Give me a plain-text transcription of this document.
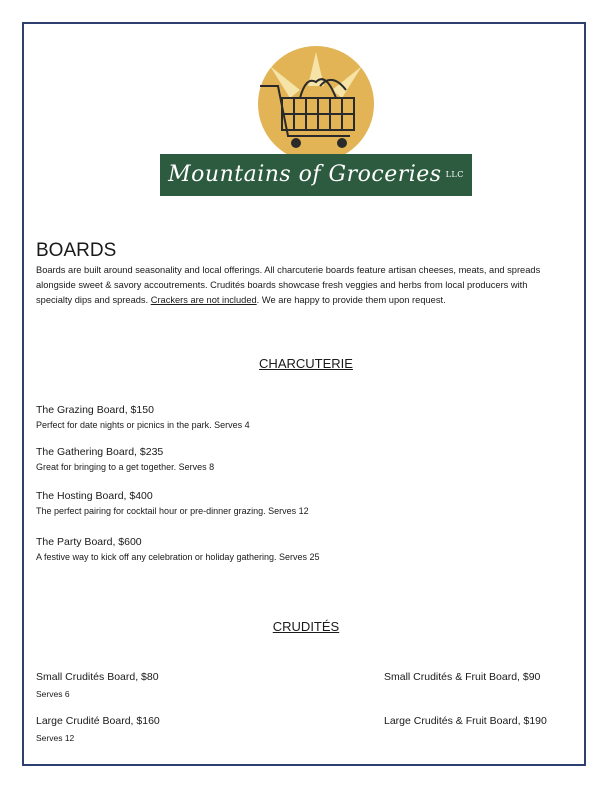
Mountains of Groceries LLC
BOARDS
Boards are built around seasonality and local offerings. All charcuterie boards feature artisan cheeses, meats, and spreads alongside sweet & savory accoutrements. Crudités boards showcase fresh veggies and herbs from local producers with specialty dips and spreads. Crackers are not included. We are happy to provide them upon request.
CHARCUTERIE
The Grazing Board, $150
Perfect for date nights or picnics in the park. Serves 4
The Gathering Board, $235
Great for bringing to a get together. Serves 8
The Hosting Board, $400
The perfect pairing for cocktail hour or pre-dinner grazing. Serves 12
The Party Board, $600
A festive way to kick off any celebration or holiday gathering. Serves 25
CRUDITÉS
Small Crudités Board, $80
Serves 6
Large Crudité Board, $160
Serves 12
Small Crudités & Fruit Board, $90
Large Crudités & Fruit Board, $190
